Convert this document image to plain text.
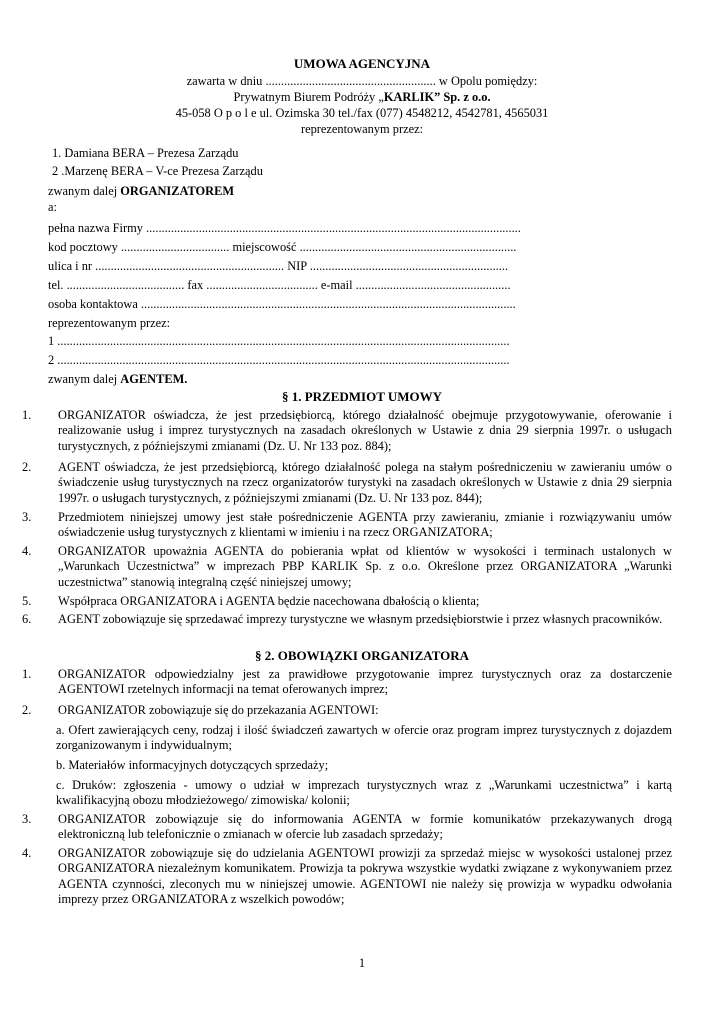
UMOWA AGENCYJNA
zawarta w dniu ....................................................... w Opolu pomiędzy:
Prywatnym Biurem Podróży „KARLIK” Sp. z o.o.
45-058 O p o l e ul. Ozimska 30 tel./fax (077) 4548212, 4542781, 4565031
reprezentowanym przez:
1. Damiana BERA – Prezesa Zarządu
2 .Marzenę BERA – V-ce Prezesa Zarządu
zwanym dalej ORGANIZATOREM
a:
pełna nazwa Firmy .........................................................................................................................
kod pocztowy ................................... miejscowość ......................................................................
ulica i nr ............................................................. NIP ................................................................
tel. ...................................... fax .................................... e-mail ..................................................
osoba kontaktowa .........................................................................................................................
reprezentowanym przez:
1 ..................................................................................................................................................
2 ..................................................................................................................................................
zwanym dalej AGENTEM.
§ 1. PRZEDMIOT UMOWY
1.	ORGANIZATOR oświadcza, że jest przedsiębiorcą, którego działalność obejmuje przygotowywanie, oferowanie i realizowanie usług i imprez turystycznych na zasadach określonych w Ustawie z dnia 29 sierpnia 1997r. o usługach turystycznych, z późniejszymi zmianami (Dz. U. Nr 133 poz. 884);
2.	AGENT oświadcza, że jest przedsiębiorcą, którego działalność polega na stałym pośredniczeniu w zawieraniu umów o świadczenie usług turystycznych na rzecz organizatorów turystyki na zasadach określonych w Ustawie z dnia 29 sierpnia 1997r. o usługach turystycznych, z późniejszymi zmianami (Dz. U. Nr 133 poz. 844);
3.	Przedmiotem niniejszej umowy jest stałe pośredniczenie AGENTA przy zawieraniu, zmianie i rozwiązywaniu umów oświadczenie usług turystycznych z klientami w imieniu i na rzecz ORGANIZATORA;
4.	ORGANIZATOR upoważnia AGENTA do pobierania wpłat od klientów w wysokości i terminach ustalonych w „Warunkach Uczestnictwa” w imprezach PBP KARLIK Sp. z o.o. Określone przez ORGANIZATORA „Warunki uczestnictwa” stanowią integralną część niniejszej umowy;
5.	Współpraca ORGANIZATORA i AGENTA będzie nacechowana dbałością o klienta;
6.	AGENT zobowiązuje się sprzedawać imprezy turystyczne we własnym przedsiębiorstwie i przez własnych pracowników.
§ 2. OBOWIĄZKI ORGANIZATORA
1.	ORGANIZATOR odpowiedzialny jest za prawidłowe przygotowanie imprez turystycznych oraz za dostarczenie AGENTOWI rzetelnych informacji na temat oferowanych imprez;
2.	ORGANIZATOR zobowiązuje się do przekazania AGENTOWI:
a. Ofert zawierających ceny, rodzaj i ilość świadczeń zawartych w ofercie oraz program imprez turystycznych z dojazdem zorganizowanym i indywidualnym;
b. Materiałów informacyjnych dotyczących sprzedaży;
c. Druków: zgłoszenia - umowy o udział w imprezach turystycznych wraz z „Warunkami uczestnictwa” i kartą kwalifikacyjną obozu młodzieżowego/ zimowiska/ kolonii;
3.	ORGANIZATOR zobowiązuje się do informowania AGENTA w formie komunikatów przekazywanych drogą elektroniczną lub telefonicznie o zmianach w ofercie lub zasadach sprzedaży;
4.	ORGANIZATOR zobowiązuje się do udzielania AGENTOWI prowizji za sprzedaż miejsc w wysokości ustalonej przez ORGANIZATORA niezależnym komunikatem. Prowizja ta pokrywa wszystkie wydatki związane z wykonywaniem przez AGENTA czynności, zleconych mu w niniejszej umowie. AGENTOWI nie należy się prowizja w wypadku odwołania imprezy przez ORGANIZATORA z wszelkich powodów;
1
